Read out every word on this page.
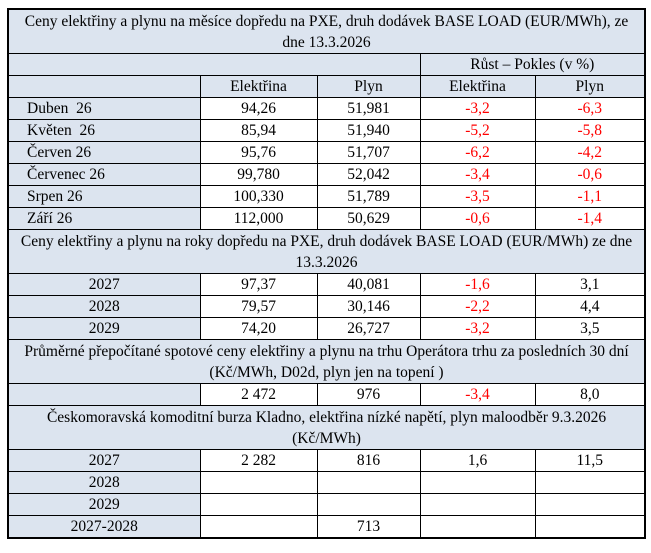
Ceny elektřiny a plynu na měsíce dopředu na PXE, druh dodávek BASE LOAD (EUR/MWh), ze dne 13.3.2026				
			Růst – Pokles (v %)	
	Elektřina	Plyn	Elektřina	Plyn
Duben  26	94,26	51,981	-3,2	-6,3
Květen  26	85,94	51,940	-5,2	-5,8
Červen 26	95,76	51,707	-6,2	-4,2
Červenec 26	99,780	52,042	-3,4	-0,6
Srpen 26	100,330	51,789	-3,5	-1,1
Září 26	112,000	50,629	-0,6	-1,4
Ceny elektřiny a plynu na roky dopředu na PXE, druh dodávek BASE LOAD (EUR/MWh) ze dne 13.3.2026				
2027	97,37	40,081	-1,6	3,1
2028	79,57	30,146	-2,2	4,4
2029	74,20	26,727	-3,2	3,5
Průměrné přepočítané spotové ceny elektřiny a plynu na trhu Operátora trhu za posledních 30 dní (Kč/MWh, D02d, plyn jen na topení )				
	2 472	976	-3,4	8,0
Českomoravská komoditní burza Kladno, elektřina nízké napětí, plyn maloodběr 9.3.2026 (Kč/MWh)				
2027	2 282	816	1,6	11,5
2028				
2029				
2027-2028		713		
